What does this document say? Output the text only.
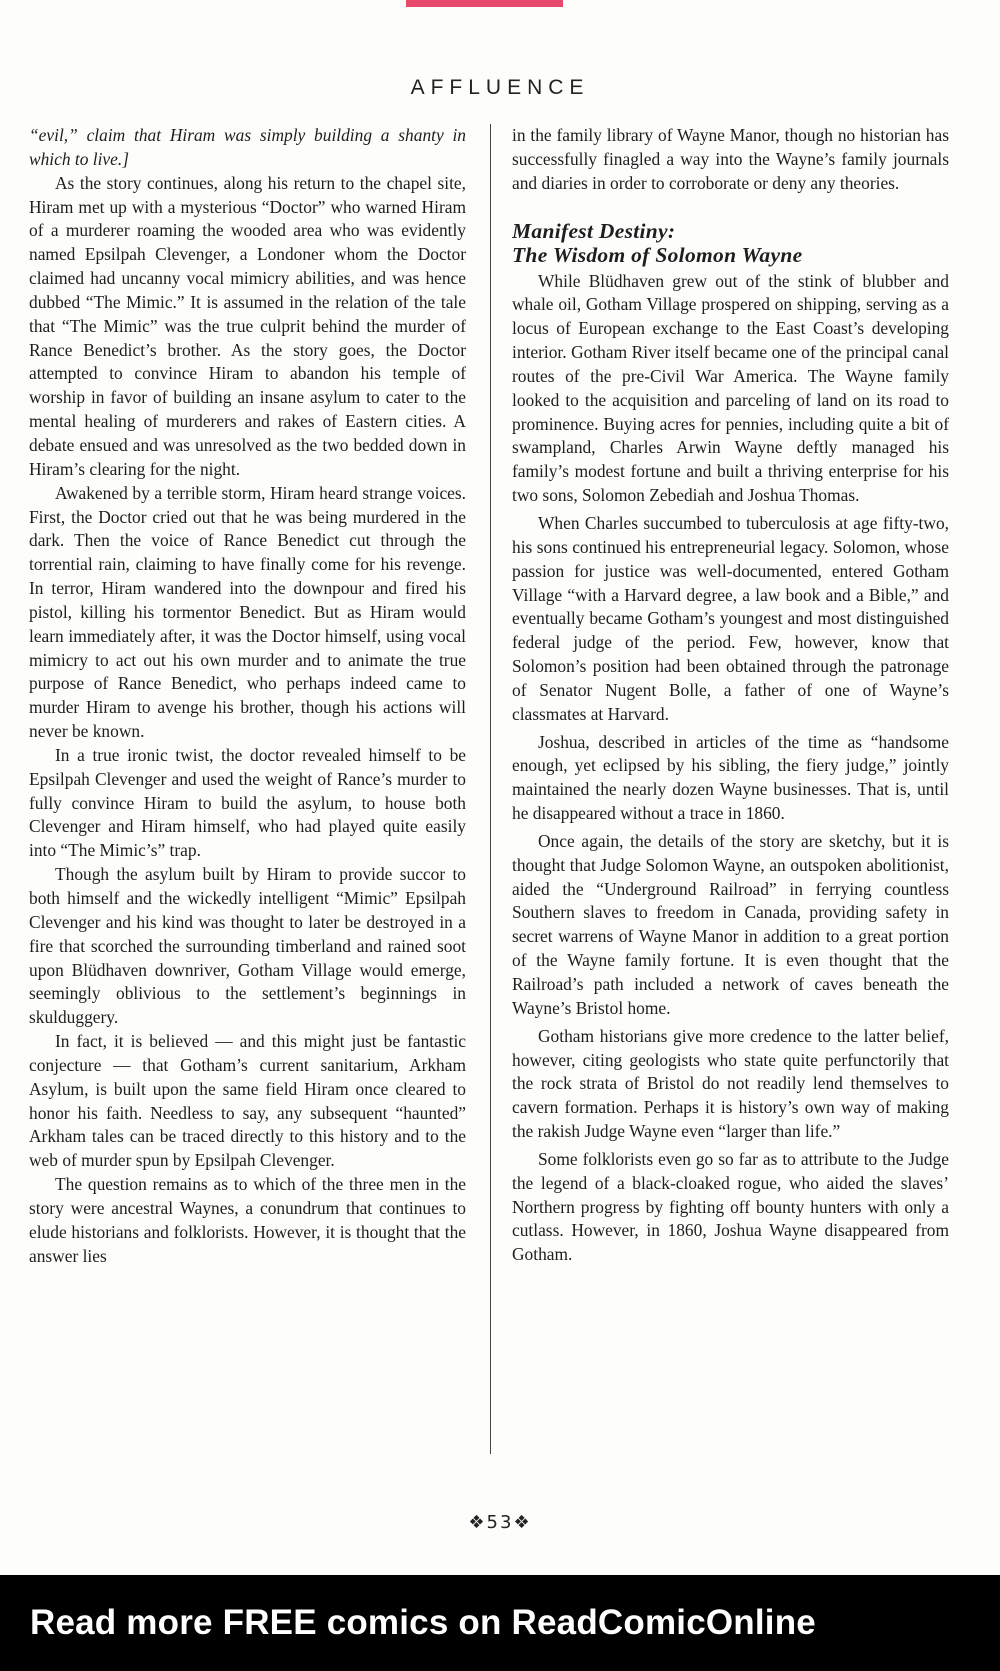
AFFLUENCE

“evil,” claim that Hiram was simply building a shanty in which to live.]

As the story continues, along his return to the chapel site, Hiram met up with a mysterious “Doctor” who warned Hiram of a murderer roaming the wooded area who was evidently named Epsilpah Clevenger, a Londoner whom the Doctor claimed had uncanny vocal mimicry abilities, and was hence dubbed “The Mimic.” It is assumed in the relation of the tale that “The Mimic” was the true culprit behind the murder of Rance Benedict’s brother. As the story goes, the Doctor attempted to convince Hiram to abandon his temple of worship in favor of building an insane asylum to cater to the mental healing of murderers and rakes of Eastern cities. A debate ensued and was unresolved as the two bedded down in Hiram’s clearing for the night.

Awakened by a terrible storm, Hiram heard strange voices. First, the Doctor cried out that he was being murdered in the dark. Then the voice of Rance Benedict cut through the torrential rain, claiming to have finally come for his revenge. In terror, Hiram wandered into the downpour and fired his pistol, killing his tormentor Benedict. But as Hiram would learn immediately after, it was the Doctor himself, using vocal mimicry to act out his own murder and to animate the true purpose of Rance Benedict, who perhaps indeed came to murder Hiram to avenge his brother, though his actions will never be known.

In a true ironic twist, the doctor revealed himself to be Epsilpah Clevenger and used the weight of Rance’s murder to fully convince Hiram to build the asylum, to house both Clevenger and Hiram himself, who had played quite easily into “The Mimic’s” trap.

Though the asylum built by Hiram to provide succor to both himself and the wickedly intelligent “Mimic” Epsilpah Clevenger and his kind was thought to later be destroyed in a fire that scorched the surrounding timberland and rained soot upon Blüdhaven downriver, Gotham Village would emerge, seemingly oblivious to the settlement’s beginnings in skulduggery.

In fact, it is believed — and this might just be fantastic conjecture — that Gotham’s current sanitarium, Arkham Asylum, is built upon the same field Hiram once cleared to honor his faith. Needless to say, any subsequent “haunted” Arkham tales can be traced directly to this history and to the web of murder spun by Epsilpah Clevenger.

The question remains as to which of the three men in the story were ancestral Waynes, a conundrum that continues to elude historians and folklorists. However, it is thought that the answer lies

in the family library of Wayne Manor, though no historian has successfully finagled a way into the Wayne’s family journals and diaries in order to corroborate or deny any theories.

Manifest Destiny:
The Wisdom of Solomon Wayne

While Blüdhaven grew out of the stink of blubber and whale oil, Gotham Village prospered on shipping, serving as a locus of European exchange to the East Coast’s developing interior. Gotham River itself became one of the principal canal routes of the pre-Civil War America. The Wayne family looked to the acquisition and parceling of land on its road to prominence. Buying acres for pennies, including quite a bit of swampland, Charles Arwin Wayne deftly managed his family’s modest fortune and built a thriving enterprise for his two sons, Solomon Zebediah and Joshua Thomas.

When Charles succumbed to tuberculosis at age fifty-two, his sons continued his entrepreneurial legacy. Solomon, whose passion for justice was well-documented, entered Gotham Village “with a Harvard degree, a law book and a Bible,” and eventually became Gotham’s youngest and most distinguished federal judge of the period. Few, however, know that Solomon’s position had been obtained through the patronage of Senator Nugent Bolle, a father of one of Wayne’s classmates at Harvard.

Joshua, described in articles of the time as “handsome enough, yet eclipsed by his sibling, the fiery judge,” jointly maintained the nearly dozen Wayne businesses. That is, until he disappeared without a trace in 1860.

Once again, the details of the story are sketchy, but it is thought that Judge Solomon Wayne, an outspoken abolitionist, aided the “Underground Railroad” in ferrying countless Southern slaves to freedom in Canada, providing safety in secret warrens of Wayne Manor in addition to a great portion of the Wayne family fortune. It is even thought that the Railroad’s path included a network of caves beneath the Wayne’s Bristol home.

Gotham historians give more credence to the latter belief, however, citing geologists who state quite perfunctorily that the rock strata of Bristol do not readily lend themselves to cavern formation. Perhaps it is history’s own way of making the rakish Judge Wayne even “larger than life.”

Some folklorists even go so far as to attribute to the Judge the legend of a black-cloaked rogue, who aided the slaves’ Northern progress by fighting off bounty hunters with only a cutlass. However, in 1860, Joshua Wayne disappeared from Gotham.

❖53❖
Read more FREE comics on ReadComicOnline
